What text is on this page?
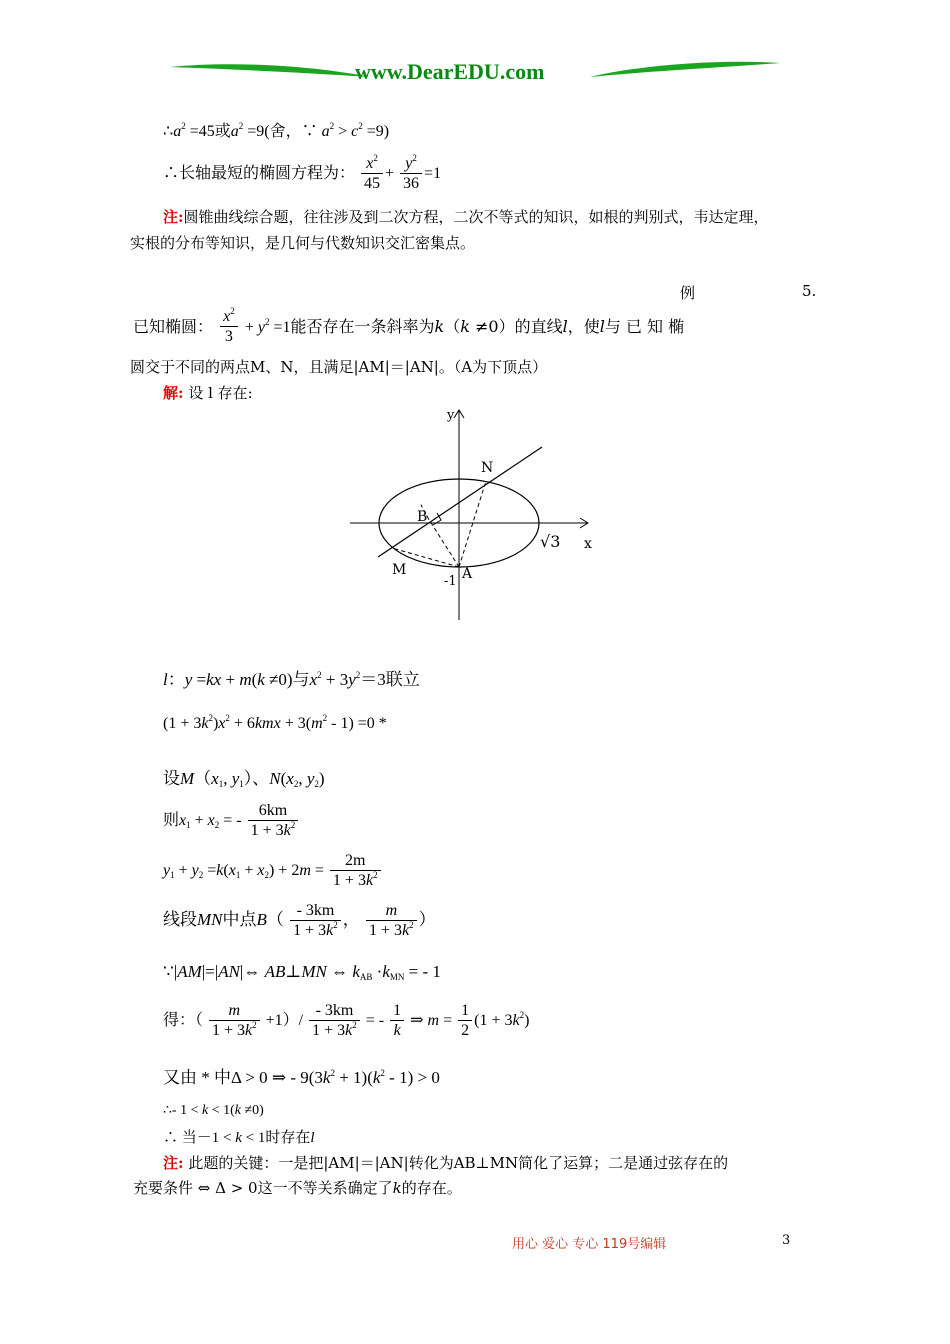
www.DearEDU.com
$\therefore a^2 =45$或$a^2 =9$(舍，∵ $a^2 > c^2 =9$)
∴长轴最短的椭圆方程为： $\frac{x^2}{45} + \frac{y^2}{36} =1$
注:圆锥曲线综合题，往往涉及到二次方程，二次不等式的知识，如根的判别式，韦达定理，
实根的分布等知识，是几何与代数知识交汇密集点。
例	5.
已知椭圆： $\frac{x^2}{3} + y^2 =1$能否存在一条斜率为k（k ≠0）的直线l，使l与 已 知 椭
圆交于不同的两点M、N，且满足|AM|＝|AN|。（A为下顶点）
解: 设 l 存在:
y
N
B
√3 x
M
-1 A
l：y =kx + m(k ≠0)与$x^2 + 3y^2=3$联立
$(1 + 3k^2)x^2 + 6kmx + 3(m^2 - 1) =0$ *
设$M(x_1$, $y_1$）、$N(x_2$, $y_2$)
则$x_1 + x_2$ = - $\frac{6km}{1 + 3k^2}$
$y_1 + y_2 =k(x_1 + x_2) + 2m = \frac{2m}{1 + 3k^2}$
线段MN中点$B( \frac{- 3km}{1 + 3k^2}$ ， $\frac{m}{1 + 3k^2}$ ）
∵|AM|=|AN|⇔ AB⊥MN ⇔ $k_{AB} \cdot k_{MN}$ = - 1
得：（ $\frac{m}{1 + 3k^2} +1)/ \frac{- 3km}{1 + 3k^2}$ = - $\frac{1}{k}$ ⇒ $m = \frac{1}{2} (1 + 3k^2)$
又由 * 中Δ > 0 ⇒ - $9(3k^2 + 1)(k^2 - 1) > 0$
∴- 1 < k < 1(k ≠0)
∴ 当－1 < k < 1时存在l
注: 此题的关键：一是把|AM|＝|AN|转化为AB⊥MN简化了运算；二是通过弦存在的
充要条件 ⇔ Δ > 0这一不等关系确定了k的存在。
用心 爱心 专心 119号编辑	3
